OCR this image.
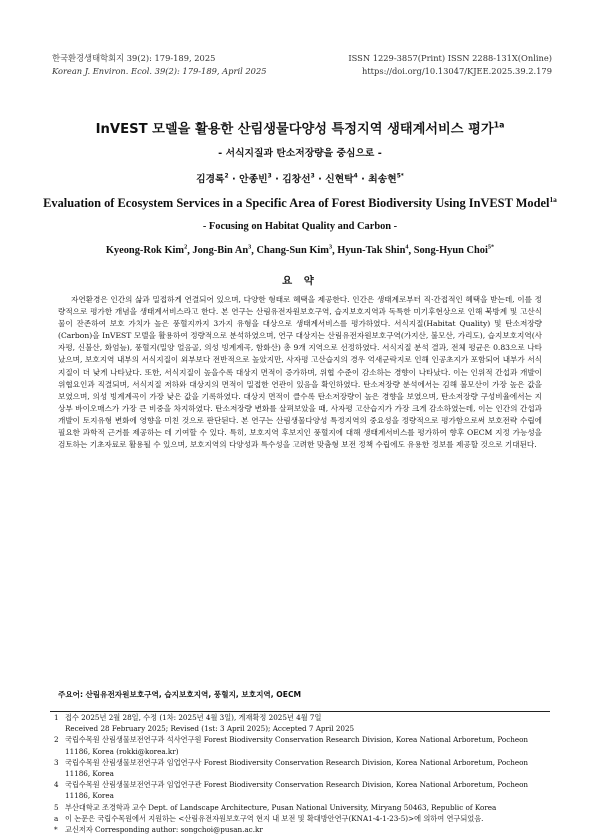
한국환경생태학회지 39(2): 179-189, 2025
Korean J. Environ. Ecol. 39(2): 179-189, April 2025
ISSN 1229-3857(Print) ISSN 2288-131X(Online)
https://doi.org/10.13047/KJEE.2025.39.2.179
InVEST 모델을 활용한 산림생물다양성 특정지역 생태계서비스 평가$^{1a}$
- 서식지질과 탄소저장량을 중심으로 -
김경록$^2$ · 안종빈$^3$ · 김창선$^3$ · 신현탁$^4$ · 최송현$^{5*}$
Evaluation of Ecosystem Services in a Specific Area of Forest Biodiversity Using InVEST Model$^{1a}$
- Focusing on Habitat Quality and Carbon -
Kyeong-Rok Kim$^2$, Jong-Bin An$^3$, Chang-Sun Kim$^3$, Hyun-Tak Shin$^4$, Song-Hyun Choi$^{5*}$
요 약

자연환경은 인간의 삶과 밀접하게 연결되어 있으며, 다양한 형태로 혜택을 제공한다. 인간은 생태계로부터 직·간접적인 혜택을 받는데, 이를 정량적으로 평가한 개념을 생태계서비스라고 한다. 본 연구는 산림유전자원보호구역, 습지보호지역과 독특한 미기후현상으로 인해 북방계 및 고산식물이 잔존하여 보호 가치가 높은 풍혈지까지 3가지 유형을 대상으로 생태계서비스를 평가하였다. 서식지질(Habitat Quality) 및 탄소저장량(Carbon)을 InVEST 모델을 활용하여 정량적으로 분석하였으며, 연구 대상지는 산림유전자원보호구역(가지산, 불모산, 가리도), 습지보호지역(사자평, 신불산, 화엄늪), 풍혈지(밀양 얼음골, 의성 빙계계곡, 함화산) 총 9개 지역으로 선정하였다. 서식지질 분석 결과, 전체 평균은 0.83으로 나타났으며, 보호지역 내부의 서식지질이 외부보다 전반적으로 높았지만, 사자평 고산습지의 경우 억새군락지로 인해 인공초지가 포함되어 내부가 서식지질이 더 낮게 나타났다. 또한, 서식지질이 높을수록 대상지 면적이 증가하며, 위협 수준이 감소하는 경향이 나타났다. 이는 인위적 간섭과 개발이 위협요인과 직결되며, 서식지질 저하와 대상지의 면적이 밀접한 연관이 있음을 확인하였다. 탄소저장량 분석에서는 김해 불모산이 가장 높은 값을 보였으며, 의성 빙계계곡이 가장 낮은 값을 기록하였다. 대상지 면적이 클수록 탄소저장량이 높은 경향을 보였으며, 탄소저장량 구성비율에서는 지상부 바이오매스가 가장 큰 비중을 차지하였다. 탄소저장량 변화를 살펴보았을 때, 사자평 고산습지가 가장 크게 감소하였는데, 이는 인간의 간섭과 개발이 토지유형 변화에 영향을 미친 것으로 판단된다. 본 연구는 산림생물다양성 특정지역의 중요성을 정량적으로 평가함으로써 보호전략 수립에 필요한 과학적 근거를 제공하는 데 기여할 수 있다. 특히, 보호지역 후보지인 풍혈지에 대해 생태계서비스를 평가하여 향후 OECM 지정 가능성을 검토하는 기초자료로 활용될 수 있으며, 보호지역의 다양성과 특수성을 고려한 맞춤형 보전 정책 수립에도 유용한 정보를 제공할 것으로 기대된다.

주요어: 산림유전자원보호구역, 습지보호지역, 풍혈지, 보호지역, OECM
1 접수 2025년 2월 28일, 수정 (1차: 2025년 4월 3일), 게재확정 2025년 4월 7일
Received 28 February 2025; Revised (1st: 3 April 2025); Accepted 7 April 2025
2 국립수목원 산림생물보전연구과 석사연구원 Forest Biodiversity Conservation Research Division, Korea National Arboretum, Pocheon 11186, Korea (rokki@korea.kr)
3 국립수목원 산림생물보전연구과 임업연구사 Forest Biodiversity Conservation Research Division, Korea National Arboretum, Pocheon 11186, Korea
4 국립수목원 산림생물보전연구과 임업연구관 Forest Biodiversity Conservation Research Division, Korea National Arboretum, Pocheon 11186, Korea
5 부산대학교 조경학과 교수 Dept. of Landscape Architecture, Pusan National University, Miryang 50463, Republic of Korea
a 이 논문은 국립수목원에서 지원하는 <산림유전자원보호구역 현지 내 보전 및 확대방안연구(KNA1-4-1-23-5)>에 의하여 연구되었음.
* 교신저자 Corresponding author: songchoi@pusan.ac.kr
